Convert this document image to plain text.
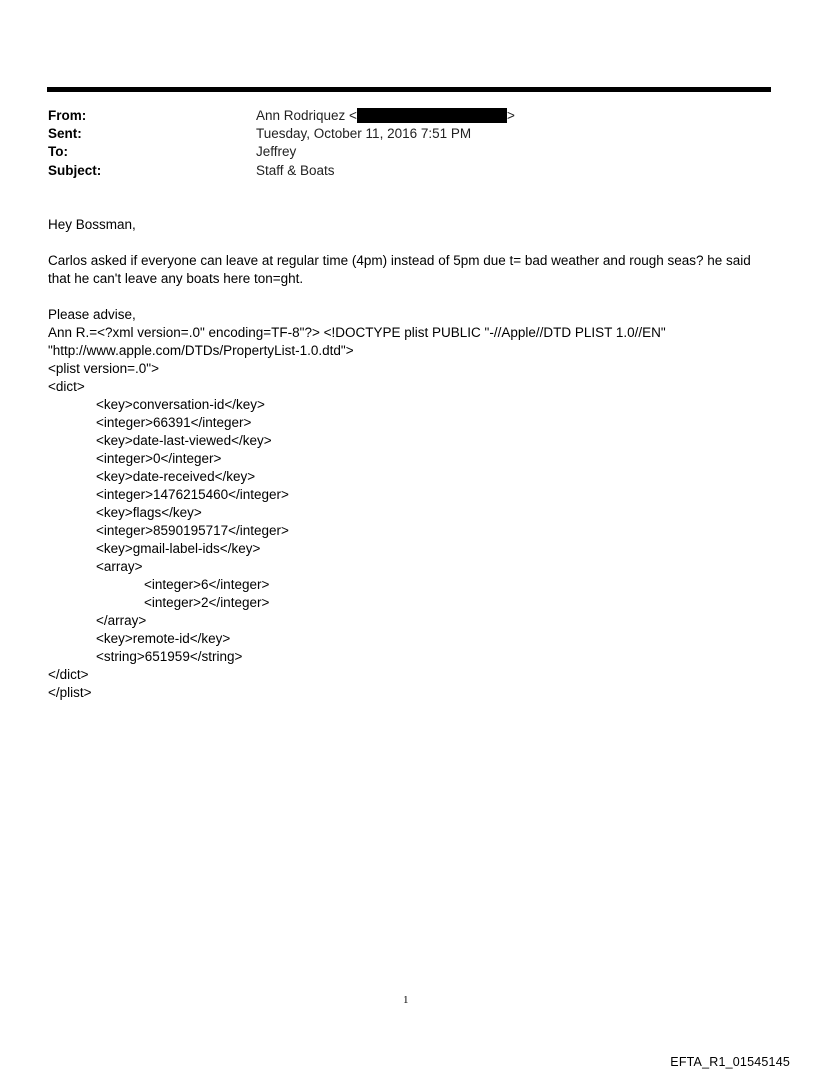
From:	Ann Rodriquez <	>
Sent:	Tuesday, October 11, 2016 7:51 PM
To:	Jeffrey
Subject:	Staff & Boats

Hey Bossman,

Carlos asked if everyone can leave at regular time (4pm) instead of 5pm due t= bad weather and rough seas? he said

that he can't leave any boats here ton=ght.

Please advise,

Ann R.=<?xml version=.0" encoding=TF-8"?> <!DOCTYPE plist PUBLIC "-//Apple//DTD PLIST 1.0//EN"

"http://www.apple.com/DTDs/PropertyList-1.0.dtd">

<plist version=.0">

<dict>

<key>conversation-id</key>

<integer>66391</integer>

<key>date-last-viewed</key>

<integer>0</integer>

<key>date-received</key>

<integer>1476215460</integer>

<key>flags</key>

<integer>8590195717</integer>

<key>gmail-label-ids</key>

<array>

<integer>6</integer>

<integer>2</integer>

</array>

<key>remote-id</key>

<string>651959</string>

</dict>

</plist>

1
EFTA_R1_01545145
